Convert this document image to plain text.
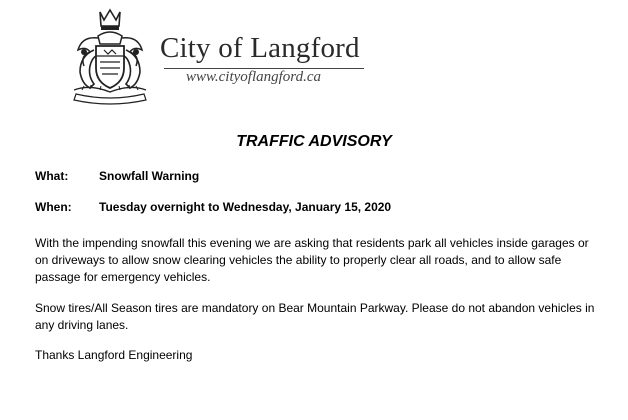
City of Langford
www.cityoflangford.ca
TRAFFIC ADVISORY
What:	Snowfall Warning
When: Tuesday overnight to Wednesday, January 15, 2020

With the impending snowfall this evening we are asking that residents park all vehicles inside garages or on driveways to allow snow clearing vehicles the ability to properly clear all roads, and to allow safe passage for emergency vehicles.

Snow tires/All Season tires are mandatory on Bear Mountain Parkway. Please do not abandon vehicles in any driving lanes.

Thanks Langford Engineering
